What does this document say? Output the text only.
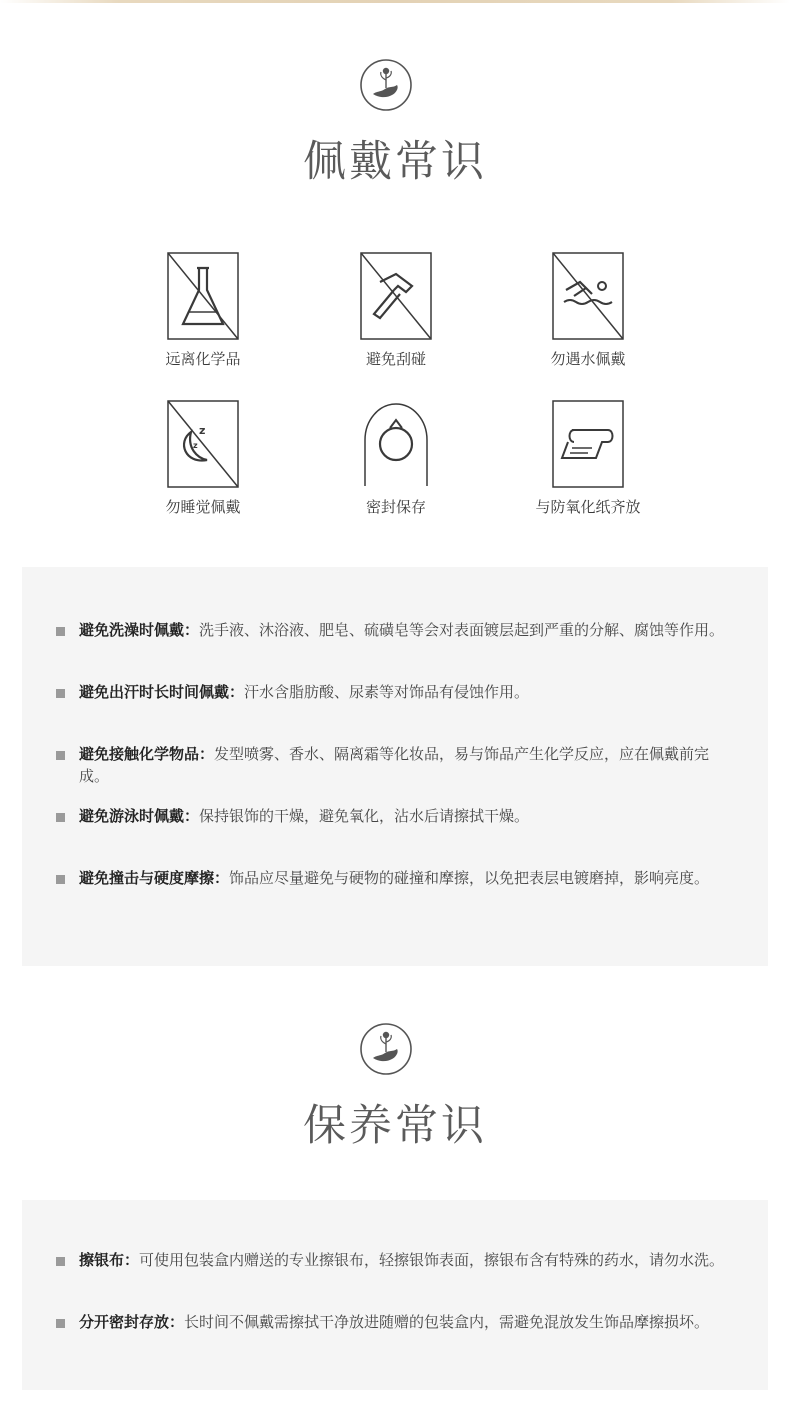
佩戴常识
远离化学品	避免刮碰	勿遇水佩戴
z
z
勿睡觉佩戴	密封保存	与防氧化纸齐放
避免洗澡时佩戴：洗手液、沐浴液、肥皂、硫磺皂等会对表面镀层起到严重的分解、腐蚀等作用。
避免出汗时长时间佩戴：汗水含脂肪酸、尿素等对饰品有侵蚀作用。
避免接触化学物品：发型喷雾、香水、隔离霜等化妆品，易与饰品产生化学反应，应在佩戴前完成。
避免游泳时佩戴：保持银饰的干燥，避免氧化，沾水后请擦拭干燥。
避免撞击与硬度摩擦：饰品应尽量避免与硬物的碰撞和摩擦，以免把表层电镀磨掉，影响亮度。
保养常识
擦银布：可使用包装盒内赠送的专业擦银布，轻擦银饰表面，擦银布含有特殊的药水，请勿水洗。
分开密封存放：长时间不佩戴需擦拭干净放进随赠的包装盒内，需避免混放发生饰品摩擦损坏。
